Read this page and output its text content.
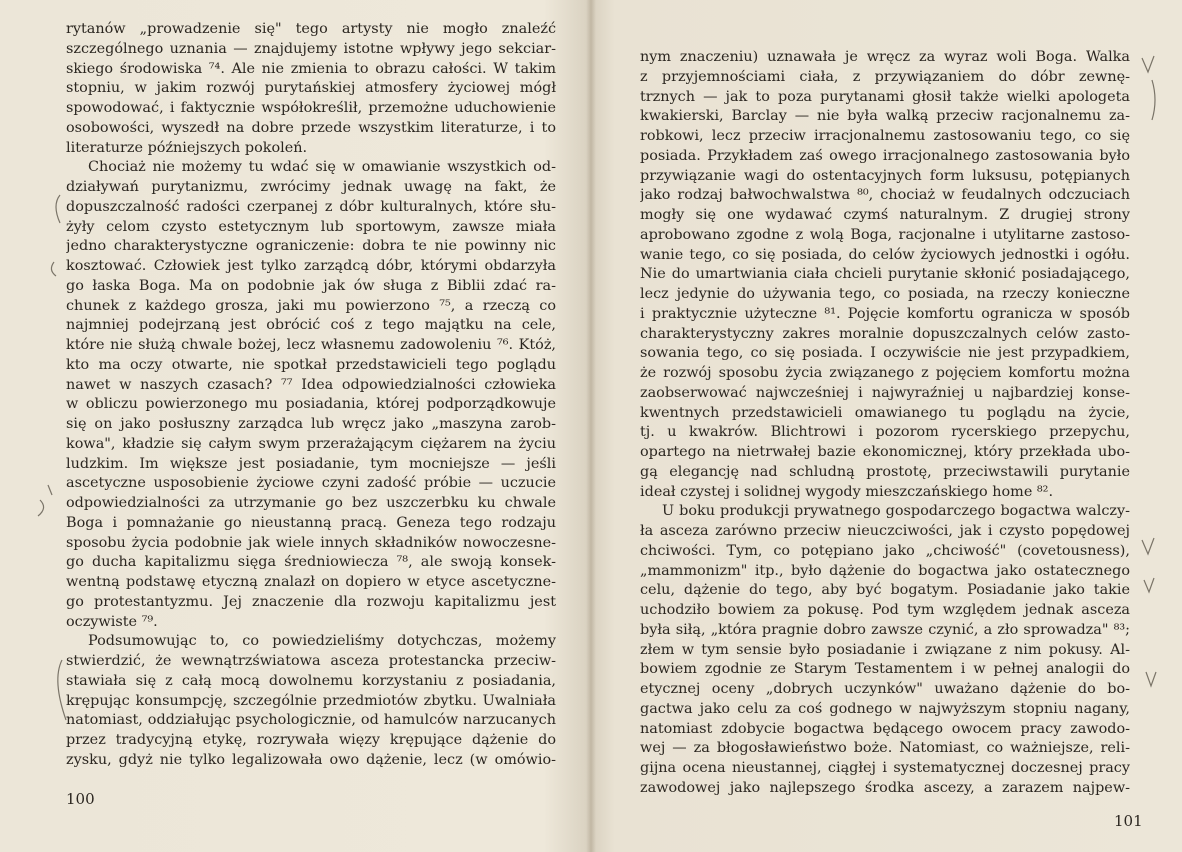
rytanów „prowadzenie się" tego artysty nie mogło znaleźć
szczególnego uznania — znajdujemy istotne wpływy jego sekciar-
skiego środowiska ⁷⁴. Ale nie zmienia to obrazu całości. W takim
stopniu, w jakim rozwój purytańskiej atmosfery życiowej mógł
spowodować, i faktycznie współokreślił, przemożne uduchowienie
osobowości, wyszedł na dobre przede wszystkim literaturze, i to
literaturze późniejszych pokoleń.
Chociaż nie możemy tu wdać się w omawianie wszystkich od-
działywań purytanizmu, zwrócimy jednak uwagę na fakt, że
dopuszczalność radości czerpanej z dóbr kulturalnych, które słu-
żyły celom czysto estetycznym lub sportowym, zawsze miała
jedno charakterystyczne ograniczenie: dobra te nie powinny nic
kosztować. Człowiek jest tylko zarządcą dóbr, którymi obdarzyła
go łaska Boga. Ma on podobnie jak ów sługa z Biblii zdać ra-
chunek z każdego grosza, jaki mu powierzono ⁷⁵, a rzeczą co
najmniej podejrzaną jest obrócić coś z tego majątku na cele,
które nie służą chwale bożej, lecz własnemu zadowoleniu ⁷⁶. Któż,
kto ma oczy otwarte, nie spotkał przedstawicieli tego poglądu
nawet w naszych czasach? ⁷⁷ Idea odpowiedzialności człowieka
w obliczu powierzonego mu posiadania, której podporządkowuje
się on jako posłuszny zarządca lub wręcz jako „maszyna zarob-
kowa", kładzie się całym swym przerażającym ciężarem na życiu
ludzkim. Im większe jest posiadanie, tym mocniejsze — jeśli
ascetyczne usposobienie życiowe czyni zadość próbie — uczucie
odpowiedzialności za utrzymanie go bez uszczerbku ku chwale
Boga i pomnażanie go nieustanną pracą. Geneza tego rodzaju
sposobu życia podobnie jak wiele innych składników nowoczesne-
go ducha kapitalizmu sięga średniowiecza ⁷⁸, ale swoją konsek-
wentną podstawę etyczną znalazł on dopiero w etyce ascetyczne-
go protestantyzmu. Jej znaczenie dla rozwoju kapitalizmu jest
oczywiste ⁷⁹.
Podsumowując to, co powiedzieliśmy dotychczas, możemy
stwierdzić, że wewnątrzświatowa asceza protestancka przeciw-
stawiała się z całą mocą dowolnemu korzystaniu z posiadania,
krępując konsumpcję, szczególnie przedmiotów zbytku. Uwalniała
natomiast, oddziałując psychologicznie, od hamulców narzucanych
przez tradycyjną etykę, rozrywała więzy krępujące dążenie do
zysku, gdyż nie tylko legalizowała owo dążenie, lecz (w omówio-
100
nym znaczeniu) uznawała je wręcz za wyraz woli Boga. Walka
z przyjemnościami ciała, z przywiązaniem do dóbr zewnę-
trznych — jak to poza purytanami głosił także wielki apologeta
kwakierski, Barclay — nie była walką przeciw racjonalnemu za-
robkowi, lecz przeciw irracjonalnemu zastosowaniu tego, co się
posiada. Przykładem zaś owego irracjonalnego zastosowania było
przywiązanie wagi do ostentacyjnych form luksusu, potępianych
jako rodzaj bałwochwalstwa ⁸⁰, chociaż w feudalnych odczuciach
mogły się one wydawać czymś naturalnym. Z drugiej strony
aprobowano zgodne z wolą Boga, racjonalne i utylitarne zastoso-
wanie tego, co się posiada, do celów życiowych jednostki i ogółu.
Nie do umartwiania ciała chcieli purytanie skłonić posiadającego,
lecz jedynie do używania tego, co posiada, na rzeczy konieczne
i praktycznie użyteczne ⁸¹. Pojęcie komfortu ogranicza w sposób
charakterystyczny zakres moralnie dopuszczalnych celów zasto-
sowania tego, co się posiada. I oczywiście nie jest przypadkiem,
że rozwój sposobu życia związanego z pojęciem komfortu można
zaobserwować najwcześniej i najwyraźniej u najbardziej konse-
kwentnych przedstawicieli omawianego tu poglądu na życie,
tj. u kwakrów. Blichtrowi i pozorom rycerskiego przepychu,
opartego na nietrwałej bazie ekonomicznej, który przekłada ubo-
gą elegancję nad schludną prostotę, przeciwstawili purytanie
ideał czystej i solidnej wygody mieszczańskiego home ⁸².
U boku produkcji prywatnego gospodarczego bogactwa walczy-
ła asceza zarówno przeciw nieuczciwości, jak i czysto popędowej
chciwości. Tym, co potępiano jako „chciwość" (covetousness),
„mammonizm" itp., było dążenie do bogactwa jako ostatecznego
celu, dążenie do tego, aby być bogatym. Posiadanie jako takie
uchodziło bowiem za pokusę. Pod tym względem jednak asceza
była siłą, „która pragnie dobro zawsze czynić, a zło sprowadza" ⁸³;
złem w tym sensie było posiadanie i związane z nim pokusy. Al-
bowiem zgodnie ze Starym Testamentem i w pełnej analogii do
etycznej oceny „dobrych uczynków" uważano dążenie do bo-
gactwa jako celu za coś godnego w najwyższym stopniu nagany,
natomiast zdobycie bogactwa będącego owocem pracy zawodo-
wej — za błogosławieństwo boże. Natomiast, co ważniejsze, reli-
gijna ocena nieustannej, ciągłej i systematycznej doczesnej pracy
zawodowej jako najlepszego środka ascezy, a zarazem najpew-
101
